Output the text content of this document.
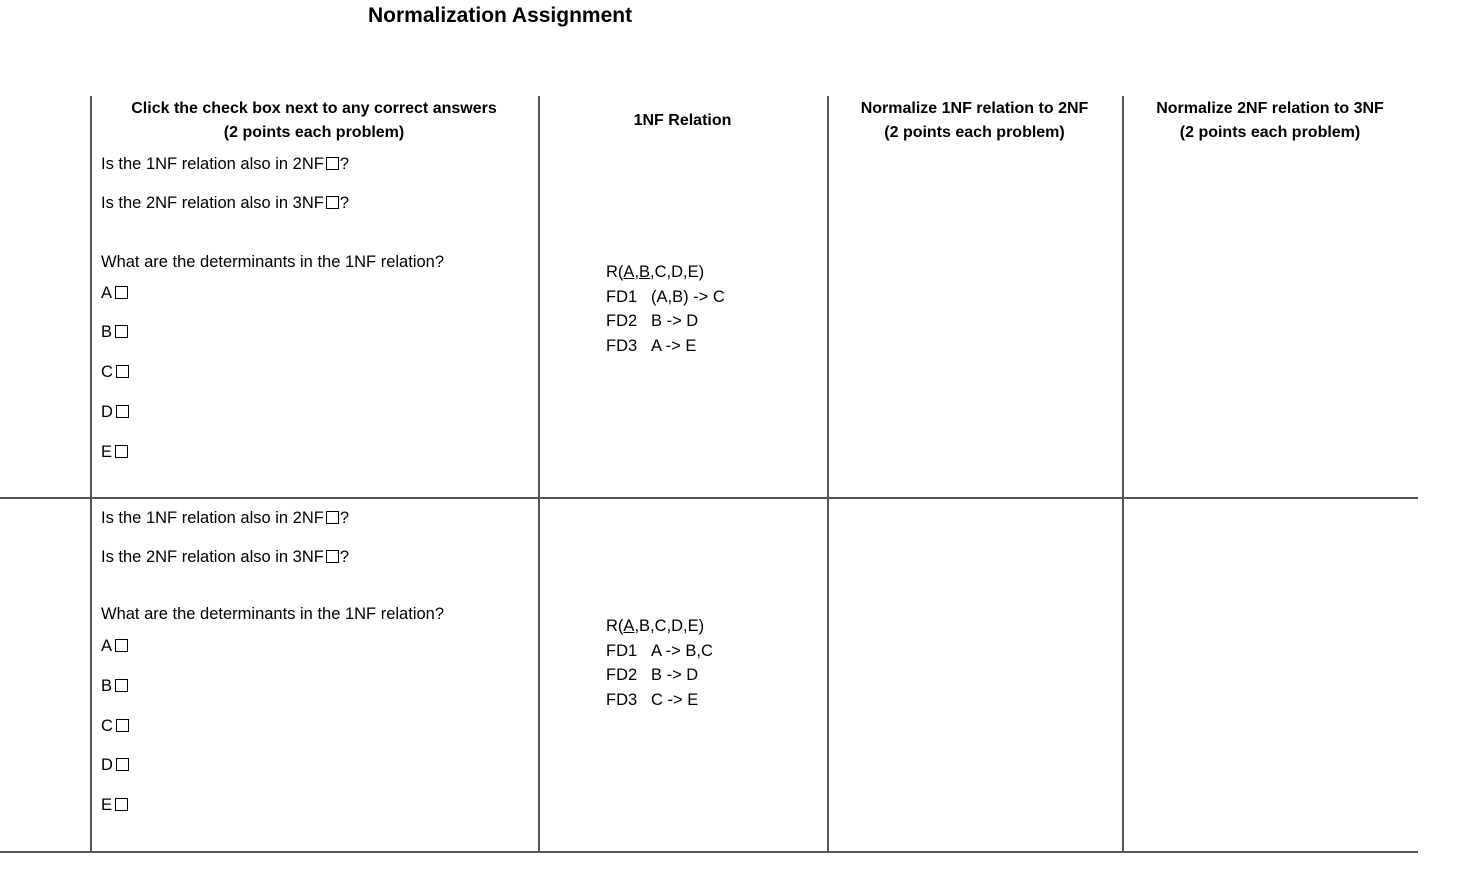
Normalization Assignment
Click the check box next to any correct answers
(2 points each problem)
1NF Relation
Normalize 1NF relation to 2NF
(2 points each problem)
Normalize 2NF relation to 3NF
(2 points each problem)
Is the 1NF relation also in 2NF ?
Is the 2NF relation also in 3NF ?
What are the determinants in the 1NF relation?
A
B
C
D
E
R(A,B,C,D,E)
FD1 (A,B) -> C
FD2 B -> D
FD3 A -> E
Is the 1NF relation also in 2NF ?
Is the 2NF relation also in 3NF ?
What are the determinants in the 1NF relation?
A
B
C
D
E
R(A,B,C,D,E)
FD1 A -> B,C
FD2 B -> D
FD3 C -> E
